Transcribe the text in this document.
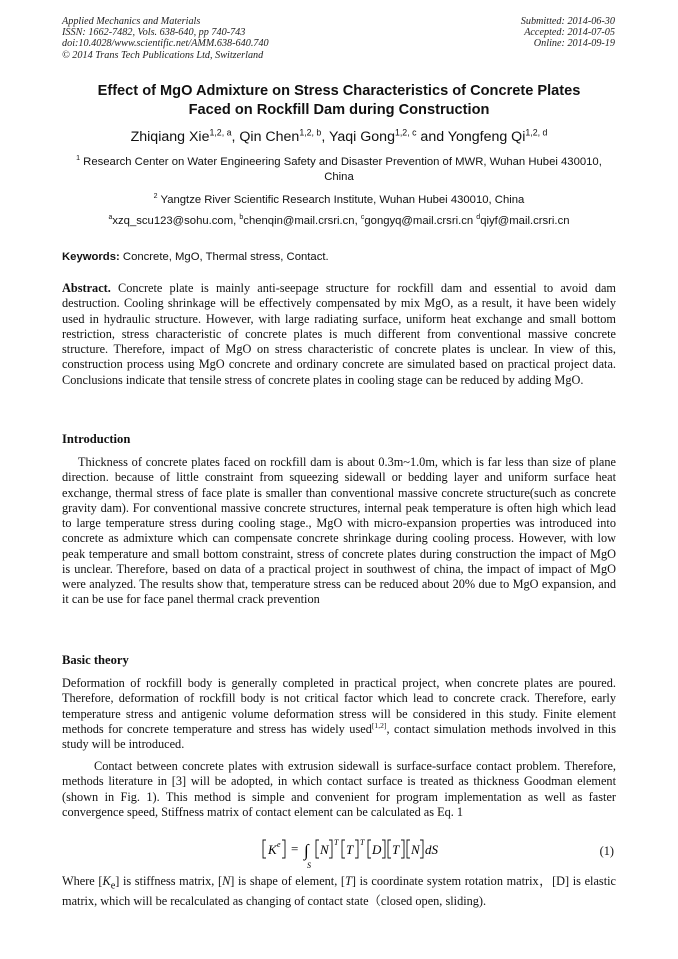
Applied Mechanics and Materials
ISSN: 1662-7482, Vols. 638-640, pp 740-743
doi:10.4028/www.scientific.net/AMM.638-640.740
© 2014 Trans Tech Publications Ltd, Switzerland
Submitted: 2014-06-30
Accepted: 2014-07-05
Online: 2014-09-19
Effect of MgO Admixture on Stress Characteristics of Concrete Plates
Faced on Rockfill Dam during Construction
Zhiqiang Xie$^{1,2, a}$, Qin Chen$^{1,2, b}$, Yaqi Gong$^{1,2, c}$ and Yongfeng Qi$^{1,2, d}$
$^1$ Research Center on Water Engineering Safety and Disaster Prevention of MWR, Wuhan Hubei 430010, China
$^2$ Yangtze River Scientific Research Institute, Wuhan Hubei 430010, China
$^a$xzq_scu123@sohu.com, $^b$chenqin@mail.crsri.cn, $^c$gongyq@mail.crsri.cn $^d$qiyf@mail.crsri.cn
Keywords: Concrete, MgO, Thermal stress, Contact.
Abstract. Concrete plate is mainly anti-seepage structure for rockfill dam and essential to avoid dam destruction. Cooling shrinkage will be effectively compensated by mix MgO, as a result, it have been widely used in hydraulic structure. However, with large radiating surface, uniform heat exchange and small bottom restriction, stress characteristic of concrete plates is much different from conventional massive concrete structure. Therefore, impact of MgO on stress characteristic of concrete plates is unclear. In view of this, construction process using MgO concrete and ordinary concrete are simulated based on practical project data. Conclusions indicate that tensile stress of concrete plates in cooling stage can be reduced by adding MgO.
Introduction
Thickness of concrete plates faced on rockfill dam is about 0.3m~1.0m, which is far less than size of plane direction. because of little constraint from squeezing sidewall or bedding layer and uniform surface heat exchange, thermal stress of face plate is smaller than conventional massive concrete structure(such as concrete gravity dam). For conventional massive concrete structures, internal peak temperature is often high which lead to large temperature stress during cooling stage., MgO with micro-expansion properties was introduced into concrete as admixture which can compensate concrete shrinkage during cooling process. However, with low peak temperature and small bottom constraint, stress of concrete plates during construction the impact of MgO is unclear. Therefore, based on data of a practical project in southwest of china, the impact of impact of MgO were analyzed. The results show that, temperature stress can be reduced about 20% due to MgO expansion, and it can be use for face panel thermal crack prevention
Basic theory
Deformation of rockfill body is generally completed in practical project, when concrete plates are poured. Therefore, deformation of rockfill body is not critical factor which lead to concrete crack. Therefore, early temperature stress and antigenic volume deformation stress will be considered in this study. Finite element methods for concrete temperature and stress has widely used[1,2], contact simulation methods involved in this study will be introduced.
Contact between concrete plates with extrusion sidewall is surface-surface contact problem. Therefore, methods literature in [3] will be adopted, in which contact surface is treated as thickness Goodman element (shown in Fig. 1). This method is simple and convenient for program implementation as well as faster convergence speed, Stiffness matrix of contact element can be calculated as Eq. 1
K e = ∫
S
N T T T D T N dS	(1)
Where $[K_e]$ is stiffness matrix, [N] is shape of element, [T] is coordinate system rotation matrix，[D] is elastic matrix, which will be recalculated as changing of contact state（closed open, sliding).
